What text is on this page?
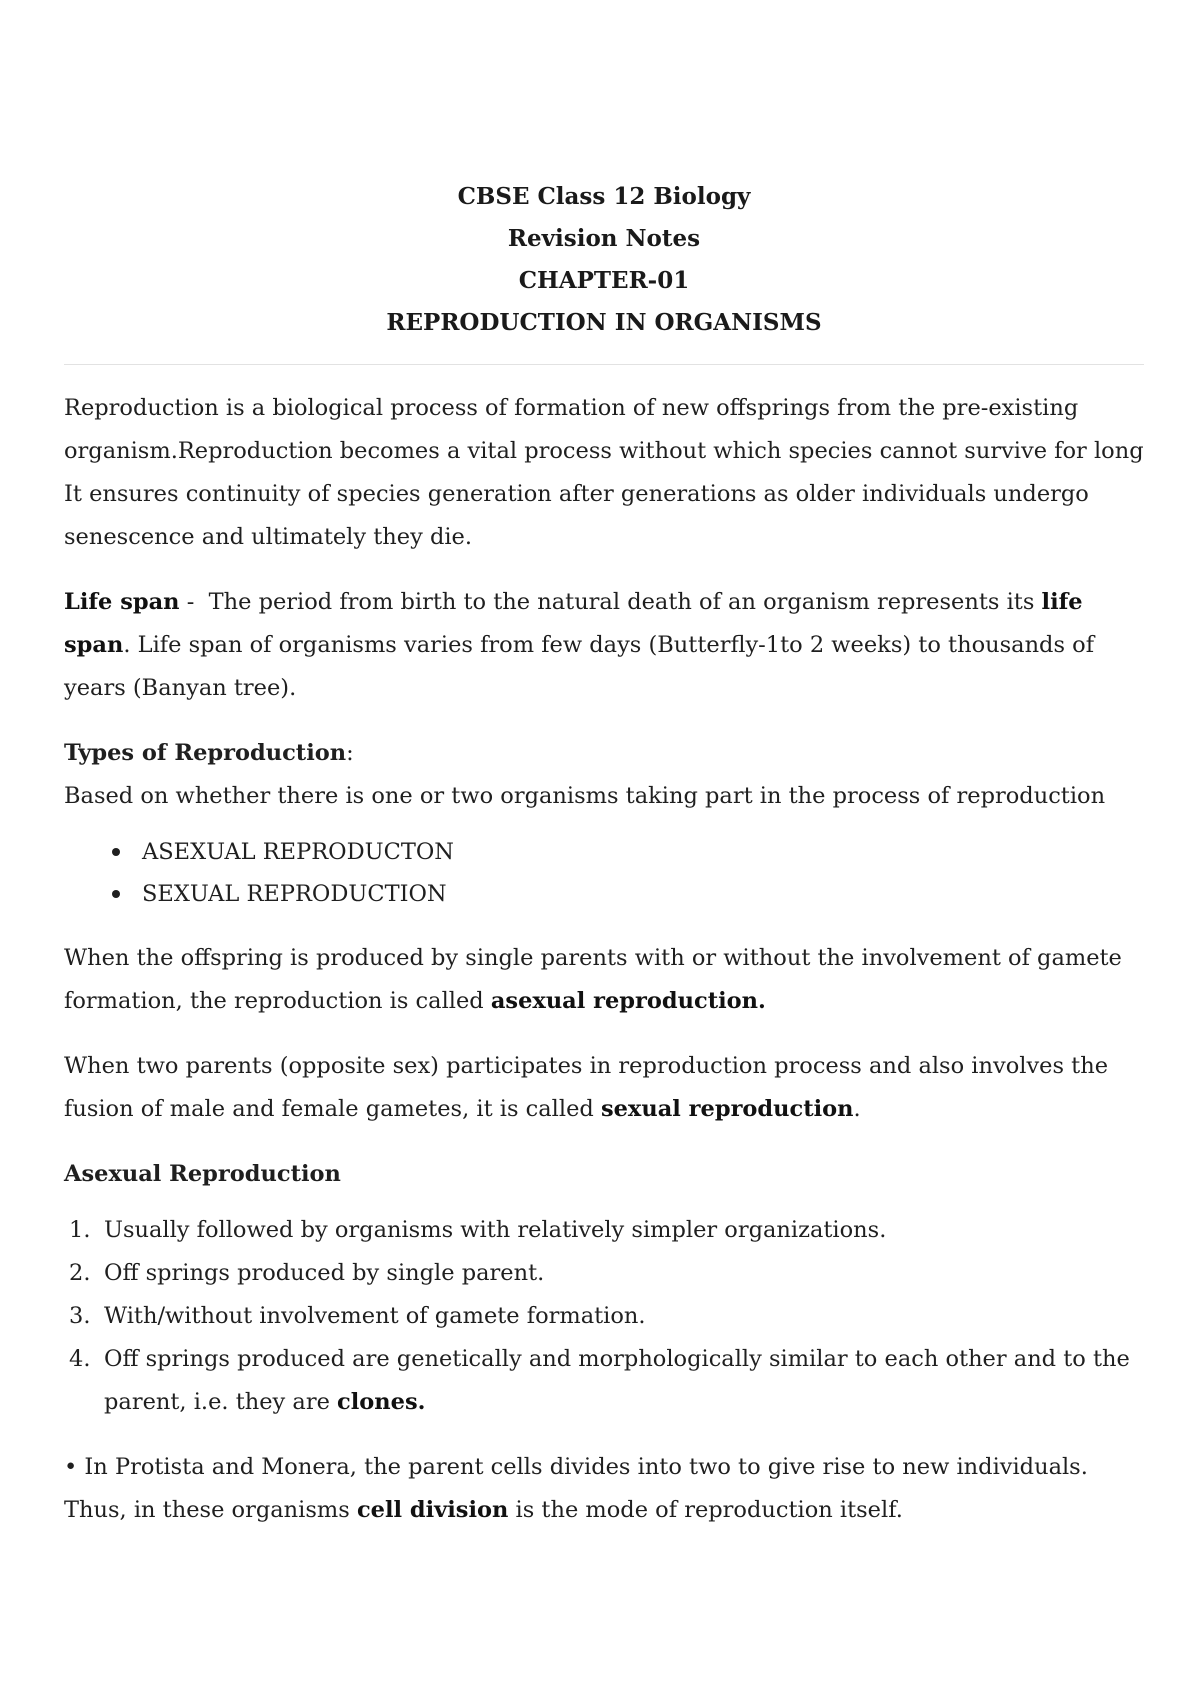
CBSE Class 12 Biology
Revision Notes
CHAPTER-01
REPRODUCTION IN ORGANISMS

Reproduction is a biological process of formation of new offsprings from the pre-existing organism.Reproduction becomes a vital process without which species cannot survive for long It ensures continuity of species generation after generations as older individuals undergo senescence and ultimately they die.

Life span -  The period from birth to the natural death of an organism represents its life span. Life span of organisms varies from few days (Butterfly-1to 2 weeks) to thousands of years (Banyan tree).

Types of Reproduction:

Based on whether there is one or two organisms taking part in the process of reproduction

ASEXUAL REPRODUCTON
SEXUAL REPRODUCTION

When the offspring is produced by single parents with or without the involvement of gamete formation, the reproduction is called asexual reproduction.

When two parents (opposite sex) participates in reproduction process and also involves the fusion of male and female gametes, it is called sexual reproduction.

Asexual Reproduction
1. Usually followed by organisms with relatively simpler organizations.
2. Off springs produced by single parent.
3. With/without involvement of gamete formation.
4. Off springs produced are genetically and morphologically similar to each other and to the parent, i.e. they are clones.

• In Protista and Monera, the parent cells divides into two to give rise to new individuals. Thus, in these organisms cell division is the mode of reproduction itself.
